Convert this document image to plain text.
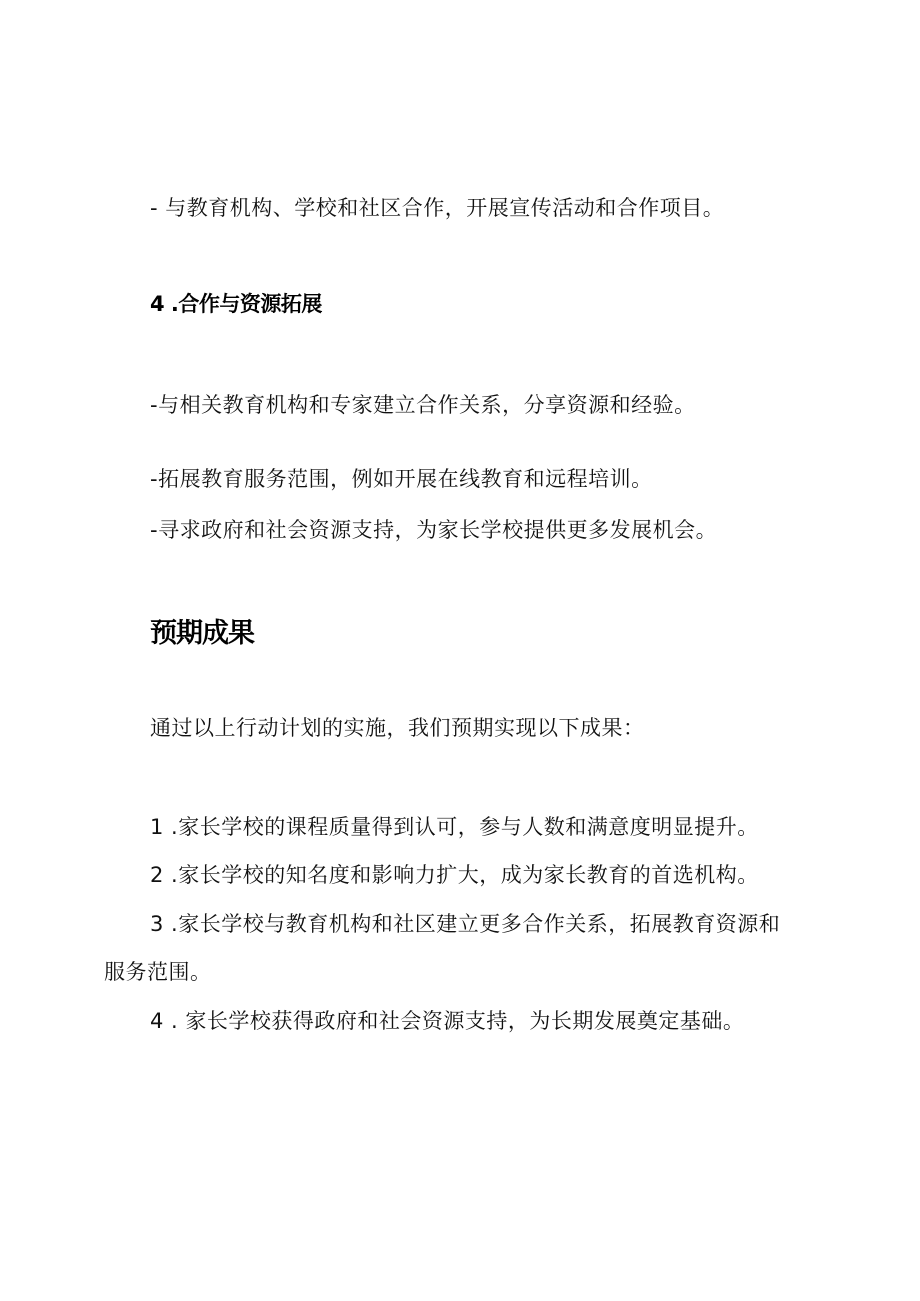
- 与教育机构、学校和社区合作，开展宣传活动和合作项目。
4 .合作与资源拓展
-与相关教育机构和专家建立合作关系，分享资源和经验。
-拓展教育服务范围，例如开展在线教育和远程培训。
-寻求政府和社会资源支持，为家长学校提供更多发展机会。
预期成果
通过以上行动计划的实施，我们预期实现以下成果：
1 .家长学校的课程质量得到认可，参与人数和满意度明显提升。
2 .家长学校的知名度和影响力扩大，成为家长教育的首选机构。
3 .家长学校与教育机构和社区建立更多合作关系，拓展教育资源和
服务范围。
4 . 家长学校获得政府和社会资源支持，为长期发展奠定基础。
